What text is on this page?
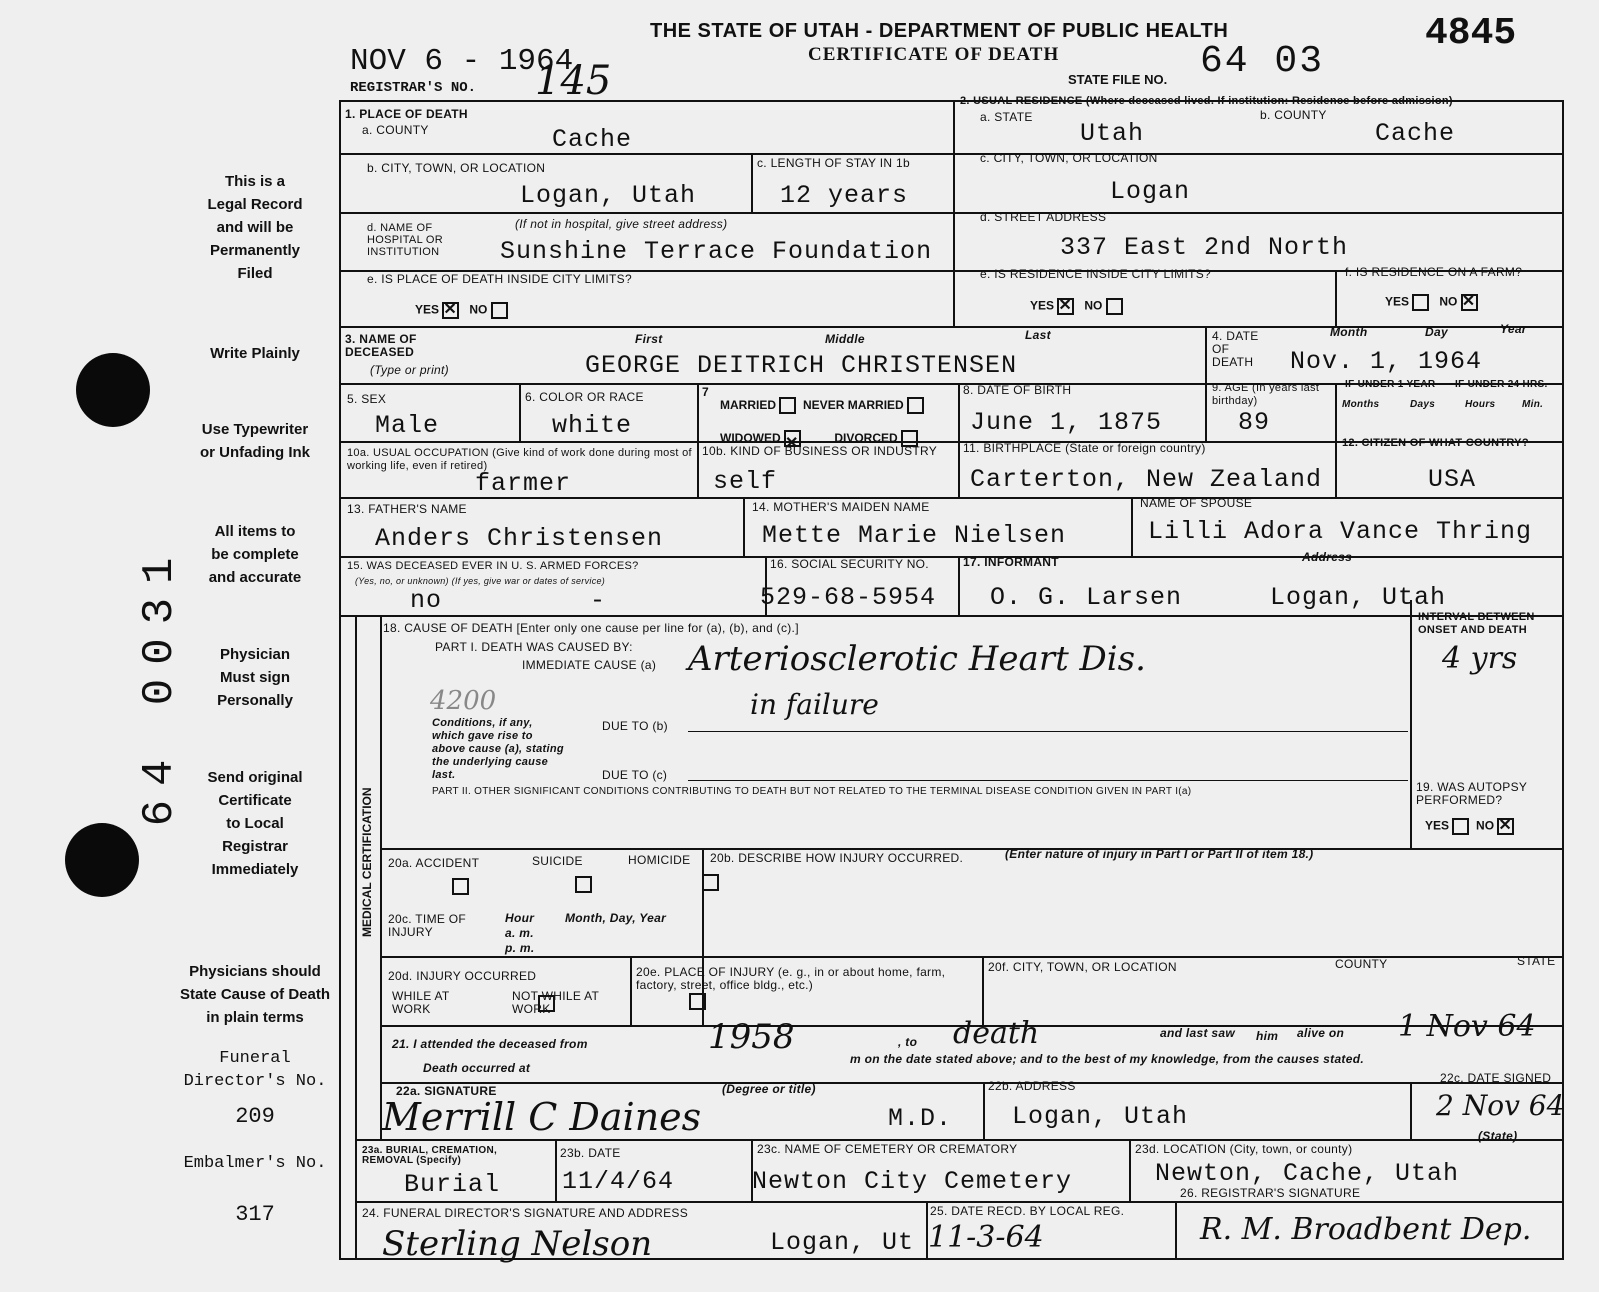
This is a
Legal Record
and will be
Permanently
Filed
Write Plainly
Use Typewriter
or Unfading Ink
All items to
be complete
and accurate
Physician
Must sign
Personally
Send original
Certificate
to Local
Registrar
Immediately
Physicians should
State Cause of Death
in plain terms
Funeral
Director's No.
209
Embalmer's No.
317
64 0031
NOV 6 - 1964
REGISTRAR'S NO. 145
THE STATE OF UTAH - DEPARTMENT OF PUBLIC HEALTH
CERTIFICATE OF DEATH
STATE FILE NO. 64 03
4845
1. PLACE OF DEATH
a. COUNTY	Cache
2. USUAL RESIDENCE (Where deceased lived. If institution: Residence before admission)
a. STATE	b. COUNTY
Utah	Cache
b. CITY, TOWN, OR LOCATION
Logan, Utah
c. LENGTH OF STAY IN 1b
12 years
c. CITY, TOWN, OR LOCATION
Logan
d. NAME OF HOSPITAL OR INSTITUTION
(If not in hospital, give street address)
Sunshine Terrace Foundation
d. STREET ADDRESS
337 East 2nd North
e. IS PLACE OF DEATH INSIDE CITY LIMITS?
YES ✕	NO
e. IS RESIDENCE INSIDE CITY LIMITS?
YES ✕	NO
f. IS RESIDENCE ON A FARM?
YES	NO ✕
3. NAME OF DECEASED
(Type or print)
First	Middle	Last
GEORGE DEITRICH CHRISTENSEN
4. DATE OF DEATH
Month	Day	Year
Nov. 1, 1964
5. SEX
Male
6. COLOR OR RACE
white
7
MARRIED NEVER MARRIED
WIDOWED ✕	DIVORCED
8. DATE OF BIRTH
June 1, 1875
9. AGE (In years last birthday)
89
IF UNDER 1 YEAR IF UNDER 24 HRS.
Months	Days	Hours	Min.
10a. USUAL OCCUPATION (Give kind of work done during most of working life, even if retired)
farmer
10b. KIND OF BUSINESS OR INDUSTRY
self
11. BIRTHPLACE (State or foreign country)
Carterton, New Zealand
12. CITIZEN OF WHAT COUNTRY?
USA
13. FATHER'S NAME
Anders Christensen
14. MOTHER'S MAIDEN NAME
Mette Marie Nielsen
NAME OF SPOUSE
Lilli Adora Vance Thring
15. WAS DECEASED EVER IN U. S. ARMED FORCES?
(Yes, no, or unknown) (If yes, give war or dates of service)
no	-
16. SOCIAL SECURITY NO.
529-68-5954
17. INFORMANT	Address
O. G. Larsen	Logan, Utah
MEDICAL CERTIFICATION
18. CAUSE OF DEATH [Enter only one cause per line for (a), (b), and (c).]
PART I. DEATH WAS CAUSED BY:
IMMEDIATE CAUSE (a) Arteriosclerotic Heart Dis.
in failure
4200
Conditions, if any, which gave rise to above cause (a), stating the underlying cause last.
DUE TO (b)
DUE TO (c)
PART II. OTHER SIGNIFICANT CONDITIONS CONTRIBUTING TO DEATH BUT NOT RELATED TO THE TERMINAL DISEASE CONDITION GIVEN IN PART I(a)
INTERVAL BETWEEN ONSET AND DEATH
4 yrs
19. WAS AUTOPSY PERFORMED?
YES NO ✕
20a. ACCIDENT	SUICIDE	HOMICIDE
20b. DESCRIBE HOW INJURY OCCURRED.	(Enter nature of injury in Part I or Part II of item 18.)
20c. TIME OF INJURY
Hour
a. m.
p. m.
Month, Day, Year
20d. INJURY OCCURRED
WHILE AT WORK

NOT WHILE AT WORK
20e. PLACE OF INJURY (e. g., in or about home, farm, factory, street, office bldg., etc.)
20f. CITY, TOWN, OR LOCATION	COUNTY	STATE
21. I attended the deceased from	1958	, to death	and last saw him alive on 1 Nov 64
Death occurred at
m on the date stated above; and to the best of my knowledge, from the causes stated.
22a. SIGNATURE	(Degree or title)
Merrill C Daines	M.D.
22b. ADDRESS
Logan, Utah
22c. DATE SIGNED
2 Nov 64
(State)
23a. BURIAL, CREMATION, REMOVAL (Specify)
Burial
23b. DATE
11/4/64
23c. NAME OF CEMETERY OR CREMATORY
Newton City Cemetery
23d. LOCATION (City, town, or county)
Newton, Cache, Utah
24. FUNERAL DIRECTOR'S SIGNATURE AND ADDRESS
Sterling Nelson	Logan, Ut
25. DATE RECD. BY LOCAL REG.
11-3-64
26. REGISTRAR'S SIGNATURE
R. M. Broadbent Dep.
